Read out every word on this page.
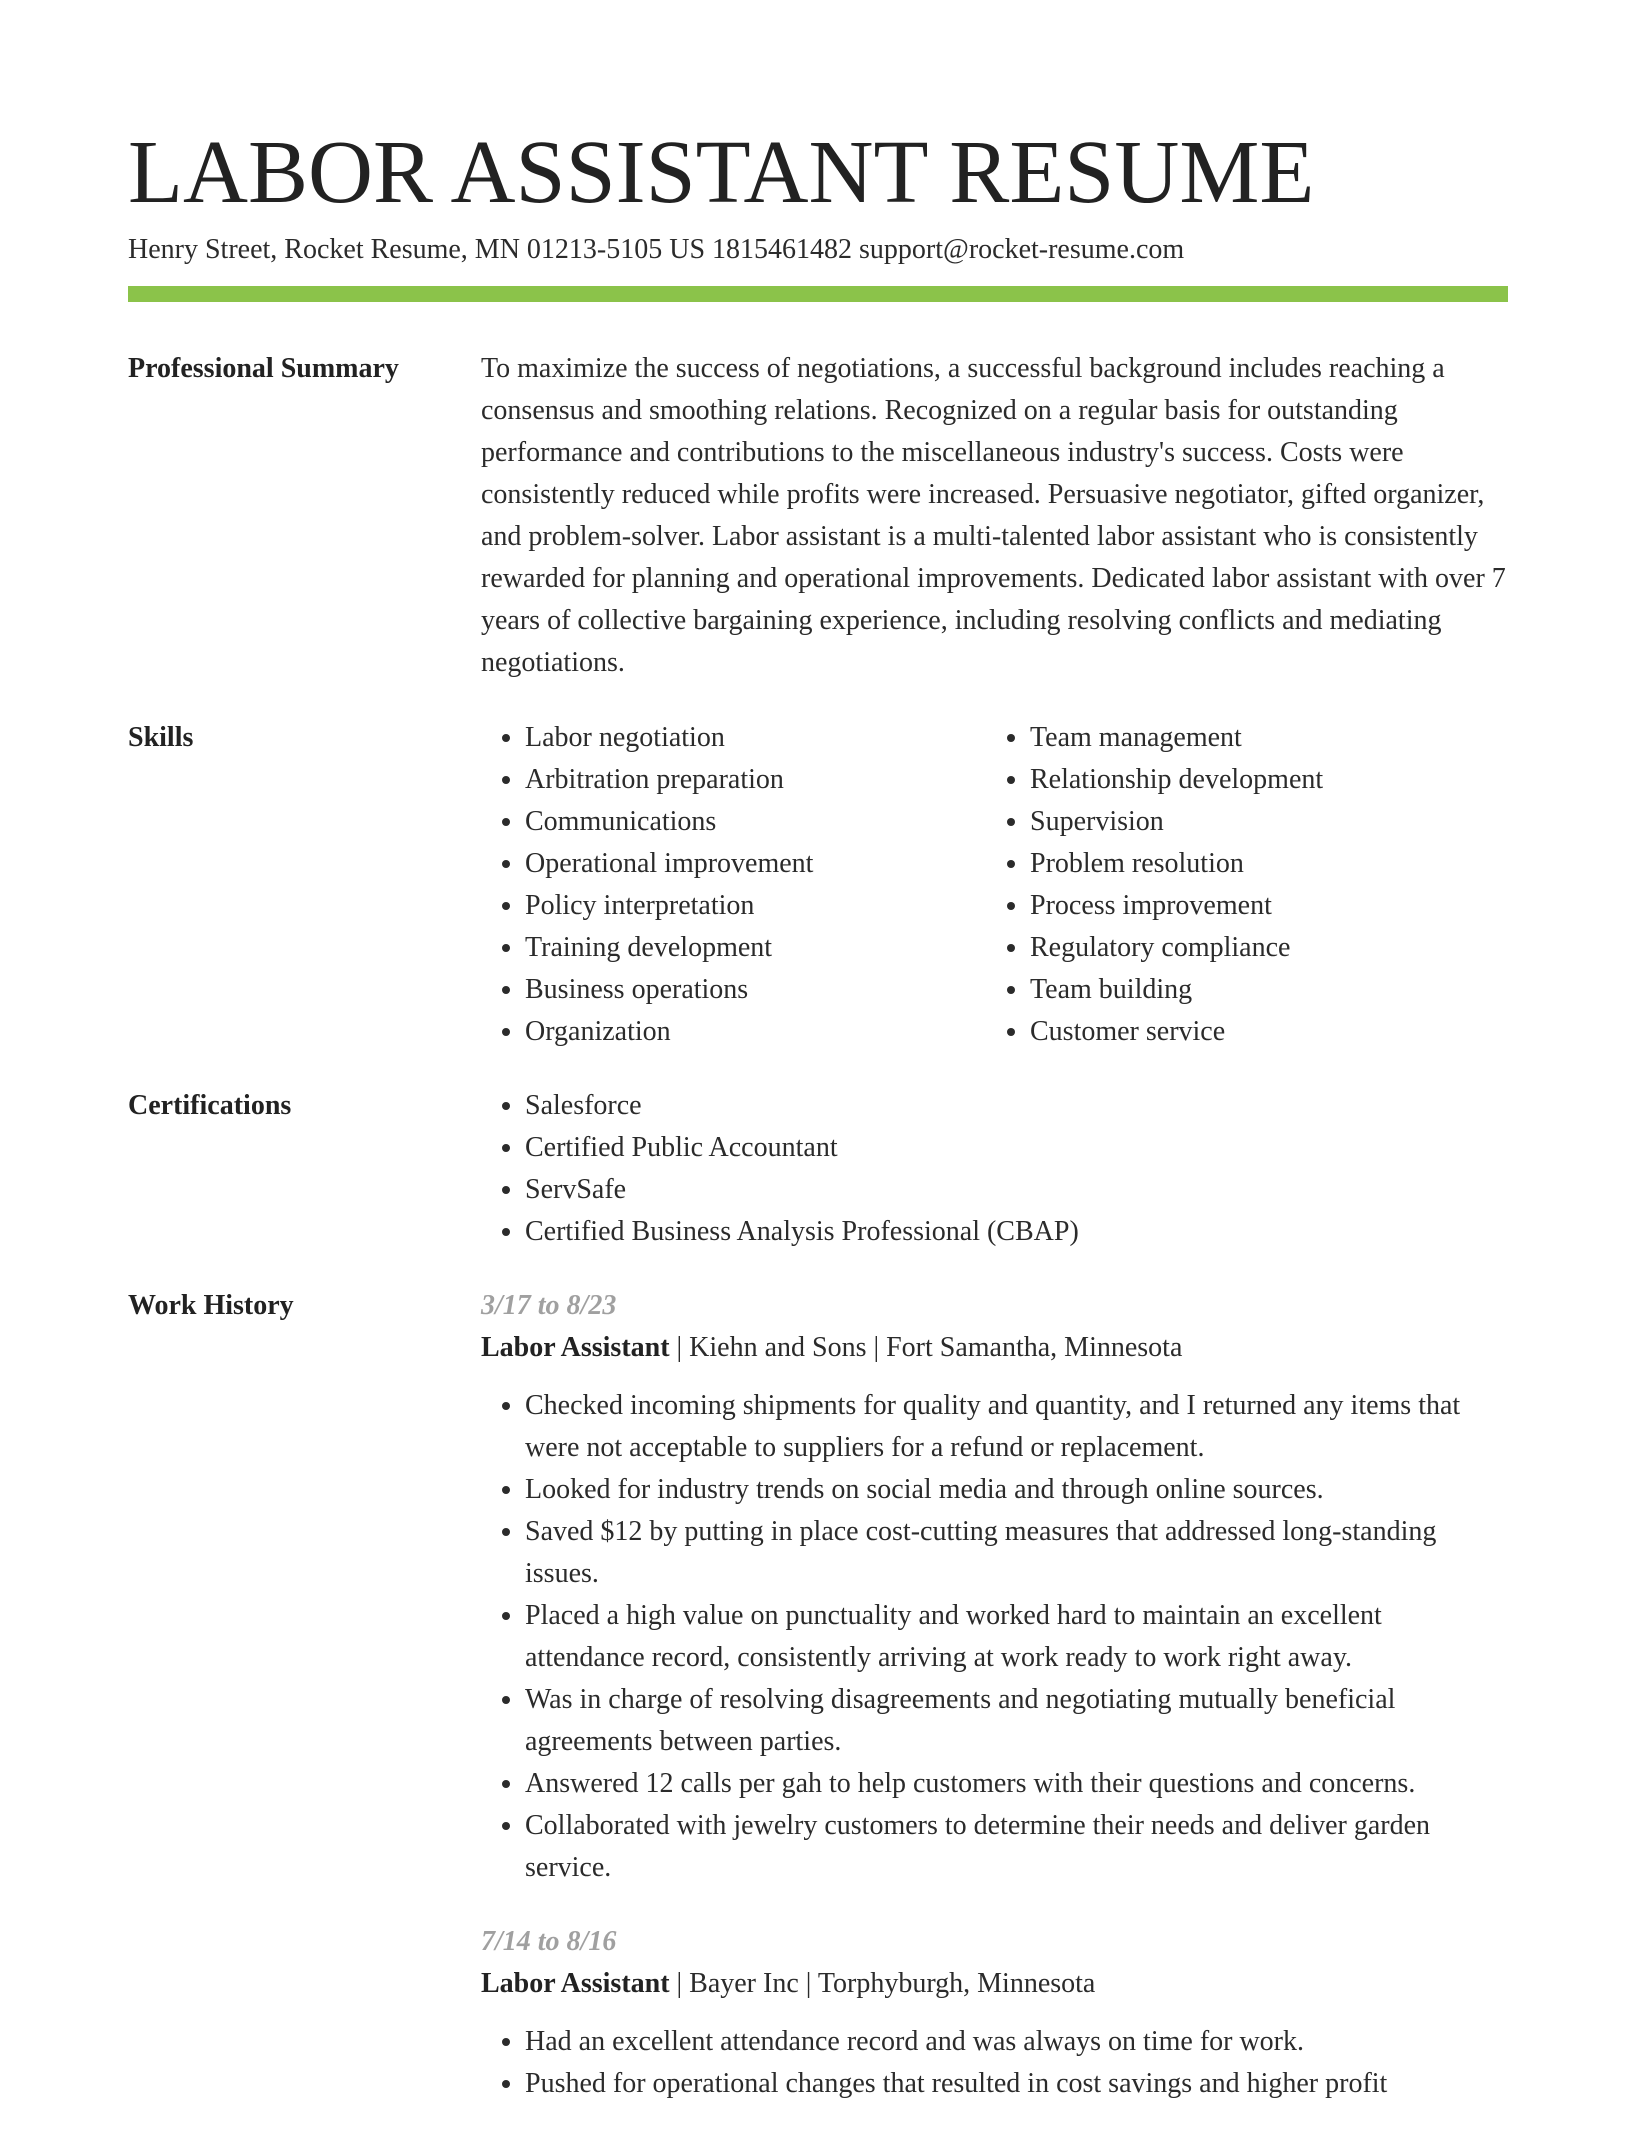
LABOR ASSISTANT RESUME
Henry Street, Rocket Resume, MN 01213-5105 US 1815461482 support@rocket-resume.com
Professional Summary	To maximize the success of negotiations, a successful background includes reaching a consensus and smoothing relations. Recognized on a regular basis for outstanding performance and contributions to the miscellaneous industry's success. Costs were consistently reduced while profits were increased. Persuasive negotiator, gifted organizer, and problem-solver. Labor assistant is a multi-talented labor assistant who is consistently rewarded for planning and operational improvements. Dedicated labor assistant with over 7 years of collective bargaining experience, including resolving conflicts and mediating negotiations.

Skills	• Labor negotiation
• Arbitration preparation
• Communications
• Operational improvement
• Policy interpretation
• Training development
• Business operations
• Organization
• Team management
• Relationship development
• Supervision
• Problem resolution
• Process improvement
• Regulatory compliance
• Team building
• Customer service
Certifications	• Salesforce
• Certified Public Accountant
• ServSafe
• Certified Business Analysis Professional (CBAP)
Work History	3/17 to 8/23

Labor Assistant | Kiehn and Sons | Fort Samantha, Minnesota

• Checked incoming shipments for quality and quantity, and I returned any items that were not acceptable to suppliers for a refund or replacement.
• Looked for industry trends on social media and through online sources.
• Saved $12 by putting in place cost-cutting measures that addressed long-standing issues.
• Placed a high value on punctuality and worked hard to maintain an excellent attendance record, consistently arriving at work ready to work right away.
• Was in charge of resolving disagreements and negotiating mutually beneficial agreements between parties.
• Answered 12 calls per gah to help customers with their questions and concerns.
• Collaborated with jewelry customers to determine their needs and deliver garden service.

7/14 to 8/16

Labor Assistant | Bayer Inc | Torphyburgh, Minnesota

• Had an excellent attendance record and was always on time for work.
• Pushed for operational changes that resulted in cost savings and higher profit
